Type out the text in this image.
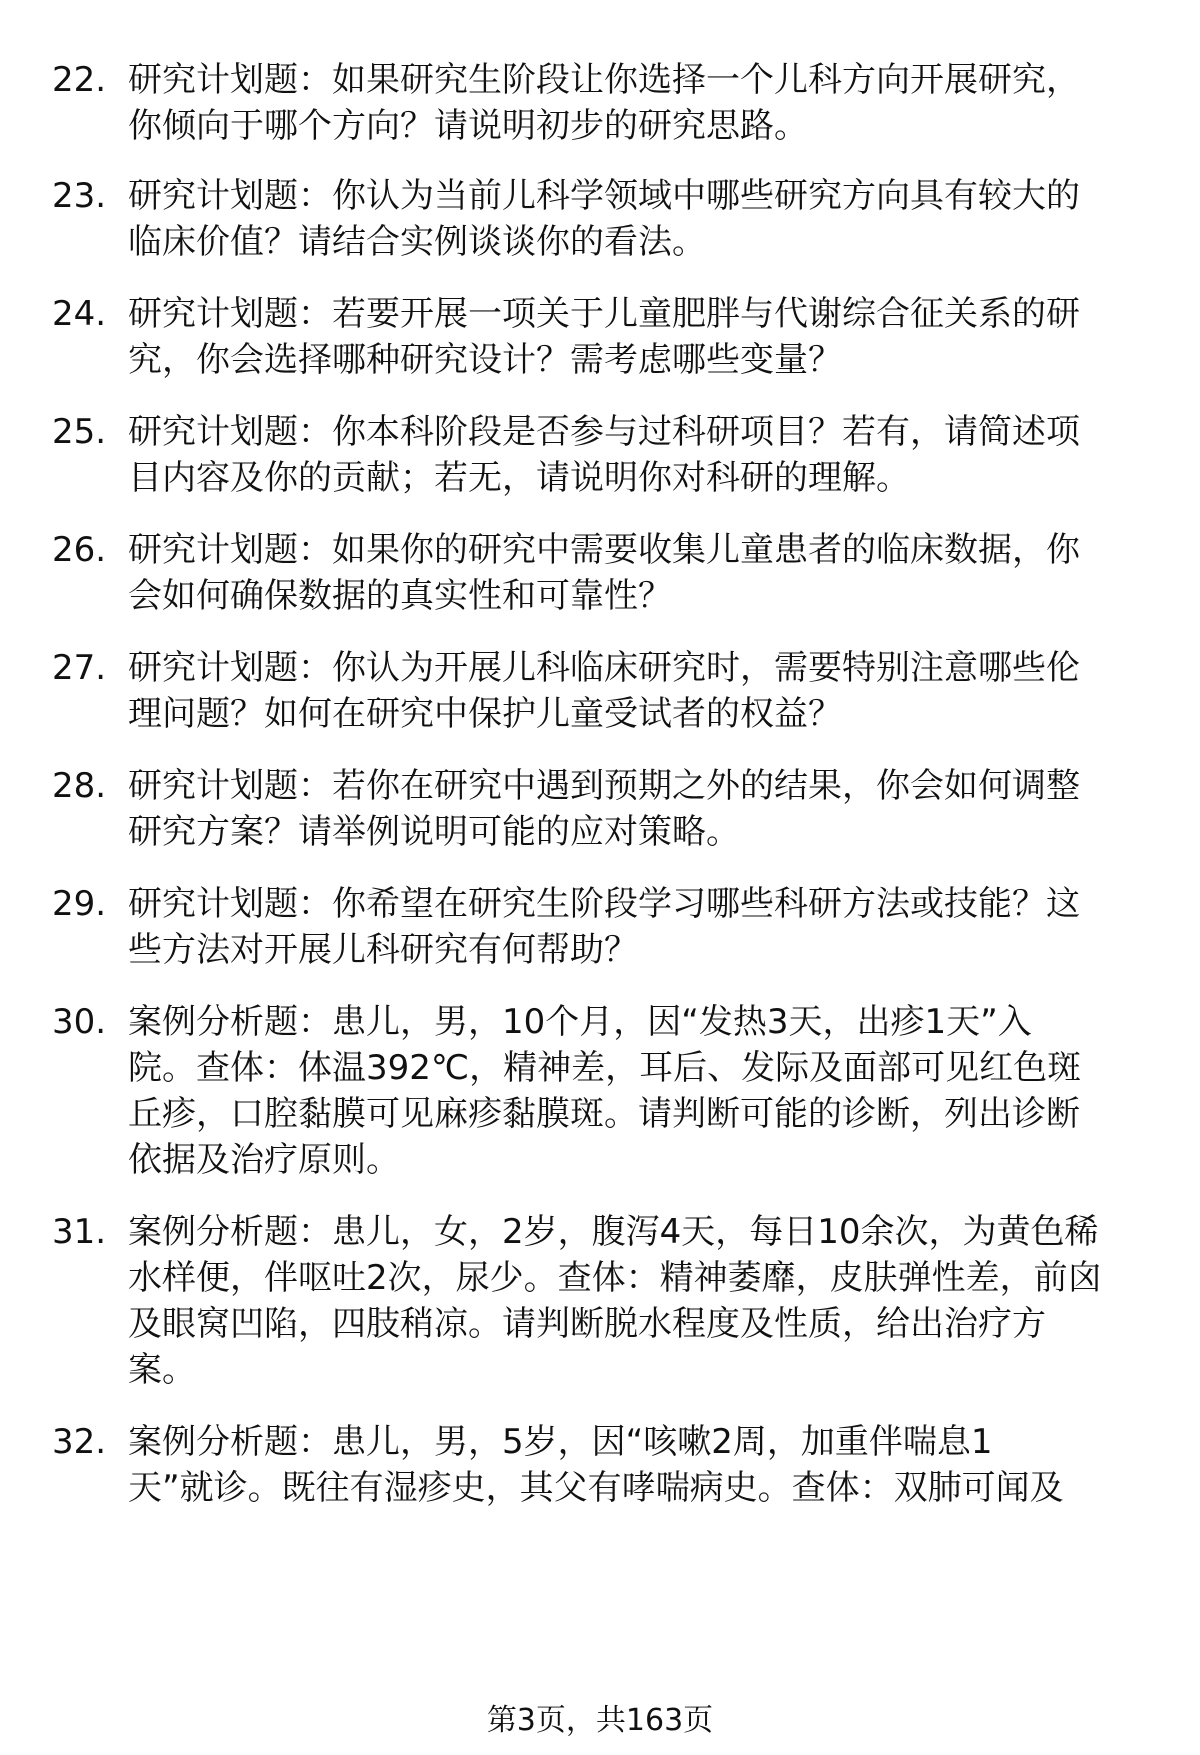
22. 研究计划题：如果研究生阶段让你选择一个儿科方向开展研究，
你倾向于哪个方向？请说明初步的研究思路。
23. 研究计划题：你认为当前儿科学领域中哪些研究方向具有较大的
临床价值？请结合实例谈谈你的看法。
24. 研究计划题：若要开展一项关于儿童肥胖与代谢综合征关系的研
究，你会选择哪种研究设计？需考虑哪些变量？
25. 研究计划题：你本科阶段是否参与过科研项目？若有，请简述项
目内容及你的贡献；若无，请说明你对科研的理解。
26. 研究计划题：如果你的研究中需要收集儿童患者的临床数据，你
会如何确保数据的真实性和可靠性？
27. 研究计划题：你认为开展儿科临床研究时，需要特别注意哪些伦
理问题？如何在研究中保护儿童受试者的权益？
28. 研究计划题：若你在研究中遇到预期之外的结果，你会如何调整
研究方案？请举例说明可能的应对策略。
29. 研究计划题：你希望在研究生阶段学习哪些科研方法或技能？这
些方法对开展儿科研究有何帮助？
30. 案例分析题：患儿，男，10个月，因“发热3天，出疹1天”入
院。查体：体温392℃，精神差，耳后、发际及面部可见红色斑
丘疹，口腔黏膜可见麻疹黏膜斑。请判断可能的诊断，列出诊断
依据及治疗原则。
31. 案例分析题：患儿，女，2岁，腹泻4天，每日10余次，为黄色稀
水样便，伴呕吐2次，尿少。查体：精神萎靡，皮肤弹性差，前囟
及眼窝凹陷，四肢稍凉。请判断脱水程度及性质，给出治疗方
案。
32. 案例分析题：患儿，男，5岁，因“咳嗽2周，加重伴喘息1
天”就诊。既往有湿疹史，其父有哮喘病史。查体：双肺可闻及
第3页，共163页
